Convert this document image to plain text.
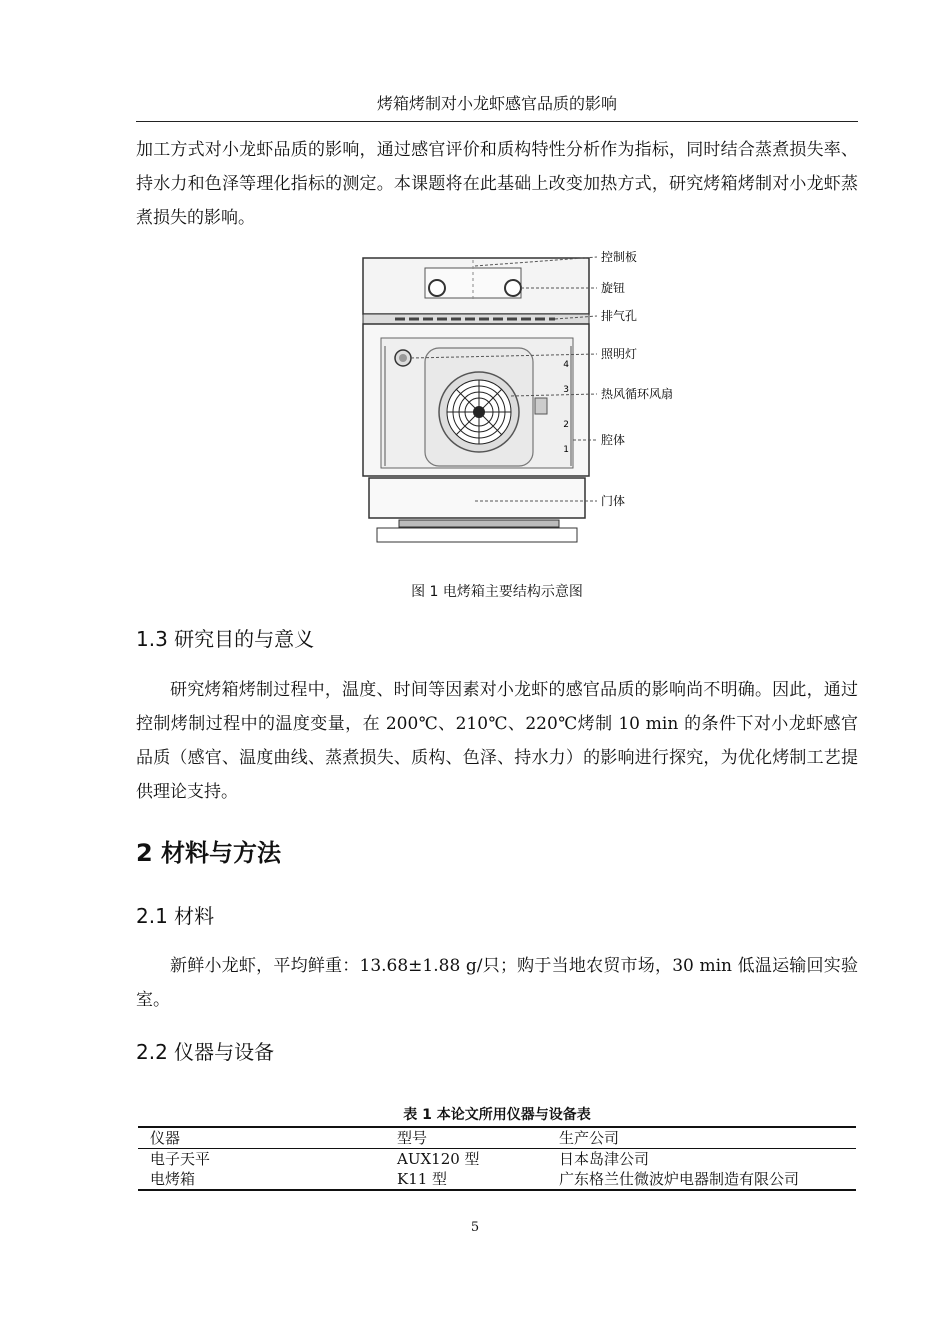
烤箱烤制对小龙虾感官品质的影响

加工方式对小龙虾品质的影响，通过感官评价和质构特性分析作为指标，同时结合蒸煮损失率、持水力和色泽等理化指标的测定。本课题将在此基础上改变加热方式，研究烤箱烤制对小龙虾蒸煮损失的影响。

4
3
2
1
控制板
旋钮
排气孔
照明灯
热风循环风扇
腔体
门体
图 1 电烤箱主要结构示意图
1.3 研究目的与意义

研究烤箱烤制过程中，温度、时间等因素对小龙虾的感官品质的影响尚不明确。因此，通过控制烤制过程中的温度变量，在 200℃、210℃、220℃烤制 10 min 的条件下对小龙虾感官品质（感官、温度曲线、蒸煮损失、质构、色泽、持水力）的影响进行探究，为优化烤制工艺提供理论支持。

2 材料与方法
2.1 材料

新鲜小龙虾，平均鲜重：13.68±1.88 g/只；购于当地农贸市场，30 min 低温运输回实验室。

2.2 仪器与设备
表 1 本论文所用仪器与设备表
仪器	型号	生产公司
电子天平	AUX120 型	日本岛津公司
电烤箱	K11 型	广东格兰仕微波炉电器制造有限公司
5
